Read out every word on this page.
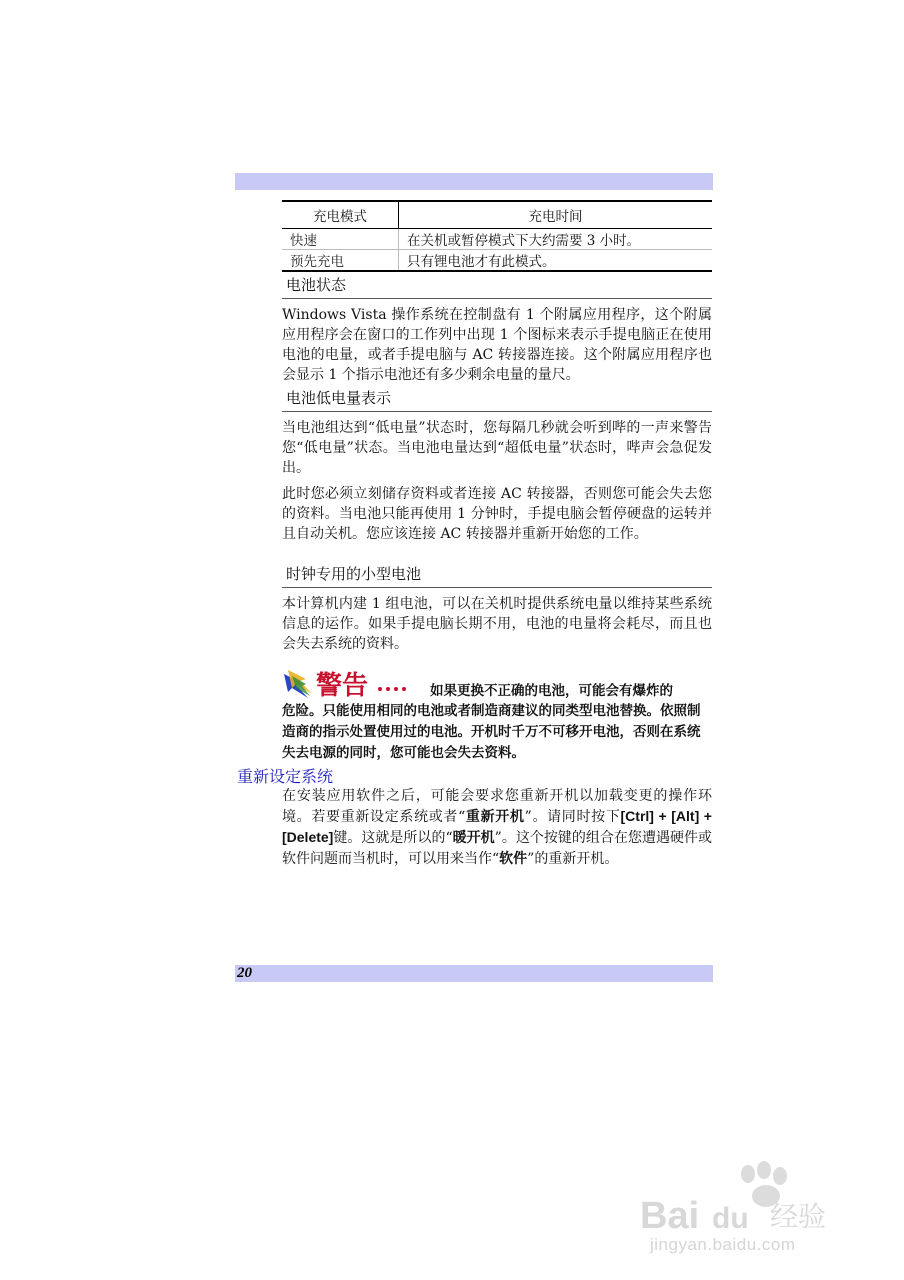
充电模式	充电时间
快速	在关机或暂停模式下大约需要 3 小时。
预先充电	只有锂电池才有此模式。
电池状态

Windows Vista 操作系统在控制盘有 1 个附属应用程序，这个附属应用程序会在窗口的工作列中出现 1 个图标来表示手提电脑正在使用电池的电量，或者手提电脑与 AC 转接器连接。这个附属应用程序也会显示 1 个指示电池还有多少剩余电量的量尺。

电池低电量表示

当电池组达到“低电量”状态时，您每隔几秒就会听到哔的一声来警告您“低电量”状态。当电池电量达到“超低电量”状态时，哔声会急促发出。

此时您必须立刻储存资料或者连接 AC 转接器，否则您可能会失去您的资料。当电池只能再使用 1 分钟时，手提电脑会暂停硬盘的运转并且自动关机。您应该连接 AC 转接器并重新开始您的工作。

时钟专用的小型电池

本计算机内建 1 组电池，可以在关机时提供系统电量以维持某些系统信息的运作。如果手提电脑长期不用，电池的电量将会耗尽，而且也会失去系统的资料。

警告	如果更换不正确的电池，可能会有爆炸的

危险。只能使用相同的电池或者制造商建议的同类型电池替换。依照制造商的指示处置使用过的电池。开机时千万不可移开电池，否则在系统失去电源的同时，您可能也会失去资料。

重新设定系统

在安装应用软件之后，可能会要求您重新开机以加载变更的操作环境。若要重新设定系统或者“重新开机”。请同时按下[Ctrl] + [Alt] + [Delete]键。这就是所以的“暖开机”。这个按键的组合在您遭遇硬件或软件问题而当机时，可以用来当作“软件”的重新开机。

20
Bai du 经验
jingyan.baidu.com
